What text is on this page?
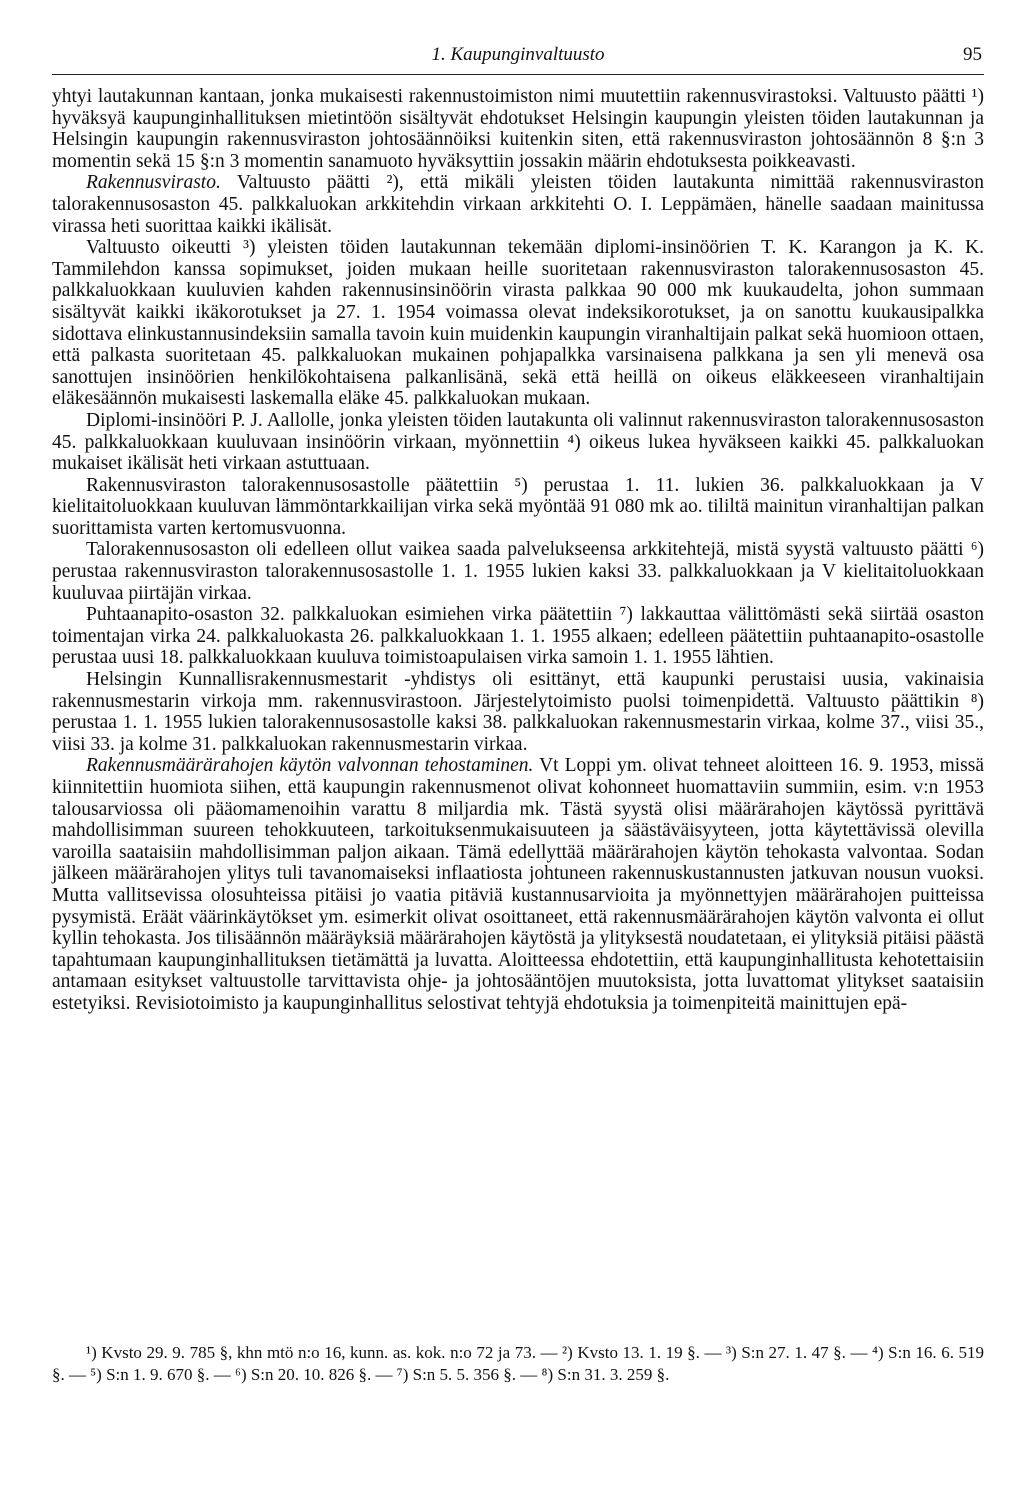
1. Kaupunginvaltuusto	95

yhtyi lautakunnan kantaan, jonka mukaisesti rakennustoimiston nimi muutettiin rakennusvirastoksi. Valtuusto päätti ¹) hyväksyä kaupunginhallituksen mietintöön sisältyvät ehdotukset Helsingin kaupungin yleisten töiden lautakunnan ja Helsingin kaupungin rakennusviraston johtosäännöiksi kuitenkin siten, että rakennusviraston johtosäännön 8 §:n 3 momentin sekä 15 §:n 3 momentin sanamuoto hyväksyttiin jossakin määrin ehdotuksesta poikkeavasti.

Rakennusvirasto. Valtuusto päätti ²), että mikäli yleisten töiden lautakunta nimittää rakennusviraston talorakennusosaston 45. palkkaluokan arkkitehdin virkaan arkkitehti O. I. Leppämäen, hänelle saadaan mainitussa virassa heti suorittaa kaikki ikälisät.

Valtuusto oikeutti ³) yleisten töiden lautakunnan tekemään diplomi-insinöörien T. K. Karangon ja K. K. Tammilehdon kanssa sopimukset, joiden mukaan heille suoritetaan rakennusviraston talorakennusosaston 45. palkkaluokkaan kuuluvien kahden rakennusinsinöörin virasta palkkaa 90 000 mk kuukaudelta, johon summaan sisältyvät kaikki ikäkorotukset ja 27. 1. 1954 voimassa olevat indeksikorotukset, ja on sanottu kuukausipalkka sidottava elinkustannusindeksiin samalla tavoin kuin muidenkin kaupungin viranhaltijain palkat sekä huomioon ottaen, että palkasta suoritetaan 45. palkkaluokan mukainen pohjapalkka varsinaisena palkkana ja sen yli menevä osa sanottujen insinöörien henkilökohtaisena palkanlisänä, sekä että heillä on oikeus eläkkeeseen viranhaltijain eläkesäännön mukaisesti laskemalla eläke 45. palkkaluokan mukaan.

Diplomi-insinööri P. J. Aallolle, jonka yleisten töiden lautakunta oli valinnut rakennusviraston talorakennusosaston 45. palkkaluokkaan kuuluvaan insinöörin virkaan, myönnettiin ⁴) oikeus lukea hyväkseen kaikki 45. palkkaluokan mukaiset ikälisät heti virkaan astuttuaan.

Rakennusviraston talorakennusosastolle päätettiin ⁵) perustaa 1. 11. lukien 36. palkkaluokkaan ja V kielitaitoluokkaan kuuluvan lämmöntarkkailijan virka sekä myöntää 91 080 mk ao. tililtä mainitun viranhaltijan palkan suorittamista varten kertomusvuonna.

Talorakennusosaston oli edelleen ollut vaikea saada palvelukseensa arkkitehtejä, mistä syystä valtuusto päätti ⁶) perustaa rakennusviraston talorakennusosastolle 1. 1. 1955 lukien kaksi 33. palkkaluokkaan ja V kielitaitoluokkaan kuuluvaa piirtäjän virkaa.

Puhtaanapito-osaston 32. palkkaluokan esimiehen virka päätettiin ⁷) lakkauttaa välittömästi sekä siirtää osaston toimentajan virka 24. palkkaluokasta 26. palkkaluokkaan 1. 1. 1955 alkaen; edelleen päätettiin puhtaanapito-osastolle perustaa uusi 18. palkkaluokkaan kuuluva toimistoapulaisen virka samoin 1. 1. 1955 lähtien.

Helsingin Kunnallisrakennusmestarit -yhdistys oli esittänyt, että kaupunki perustaisi uusia, vakinaisia rakennusmestarin virkoja mm. rakennusvirastoon. Järjestelytoimisto puolsi toimenpidettä. Valtuusto päättikin ⁸) perustaa 1. 1. 1955 lukien talorakennusosastolle kaksi 38. palkkaluokan rakennusmestarin virkaa, kolme 37., viisi 35., viisi 33. ja kolme 31. palkkaluokan rakennusmestarin virkaa.

Rakennusmäärärahojen käytön valvonnan tehostaminen. Vt Loppi ym. olivat tehneet aloitteen 16. 9. 1953, missä kiinnitettiin huomiota siihen, että kaupungin rakennusmenot olivat kohonneet huomattaviin summiin, esim. v:n 1953 talousarviossa oli pääomamenoihin varattu 8 miljardia mk. Tästä syystä olisi määrärahojen käytössä pyrittävä mahdollisimman suureen tehokkuuteen, tarkoituksenmukaisuuteen ja säästäväisyyteen, jotta käytettävissä olevilla varoilla saataisiin mahdollisimman paljon aikaan. Tämä edellyttää määrärahojen käytön tehokasta valvontaa. Sodan jälkeen määrärahojen ylitys tuli tavanomaiseksi inflaatiosta johtuneen rakennuskustannusten jatkuvan nousun vuoksi. Mutta vallitsevissa olosuhteissa pitäisi jo vaatia pitäviä kustannusarvioita ja myönnettyjen määrärahojen puitteissa pysymistä. Eräät väärinkäytökset ym. esimerkit olivat osoittaneet, että rakennusmäärärahojen käytön valvonta ei ollut kyllin tehokasta. Jos tilisäännön määräyksiä määrärahojen käytöstä ja ylityksestä noudatetaan, ei ylityksiä pitäisi päästä tapahtumaan kaupunginhallituksen tietämättä ja luvatta. Aloitteessa ehdotettiin, että kaupunginhallitusta kehotettaisiin antamaan esitykset valtuustolle tarvittavista ohje- ja johtosääntöjen muutoksista, jotta luvattomat ylitykset saataisiin estetyiksi. Revisiotoimisto ja kaupunginhallitus selostivat tehtyjä ehdotuksia ja toimenpiteitä mainittujen epä-

¹) Kvsto 29. 9. 785 §, khn mtö n:o 16, kunn. as. kok. n:o 72 ja 73. — ²) Kvsto 13. 1. 19 §. — ³) S:n 27. 1. 47 §. — ⁴) S:n 16. 6. 519 §. — ⁵) S:n 1. 9. 670 §. — ⁶) S:n 20. 10. 826 §. — ⁷) S:n 5. 5. 356 §. — ⁸) S:n 31. 3. 259 §.
